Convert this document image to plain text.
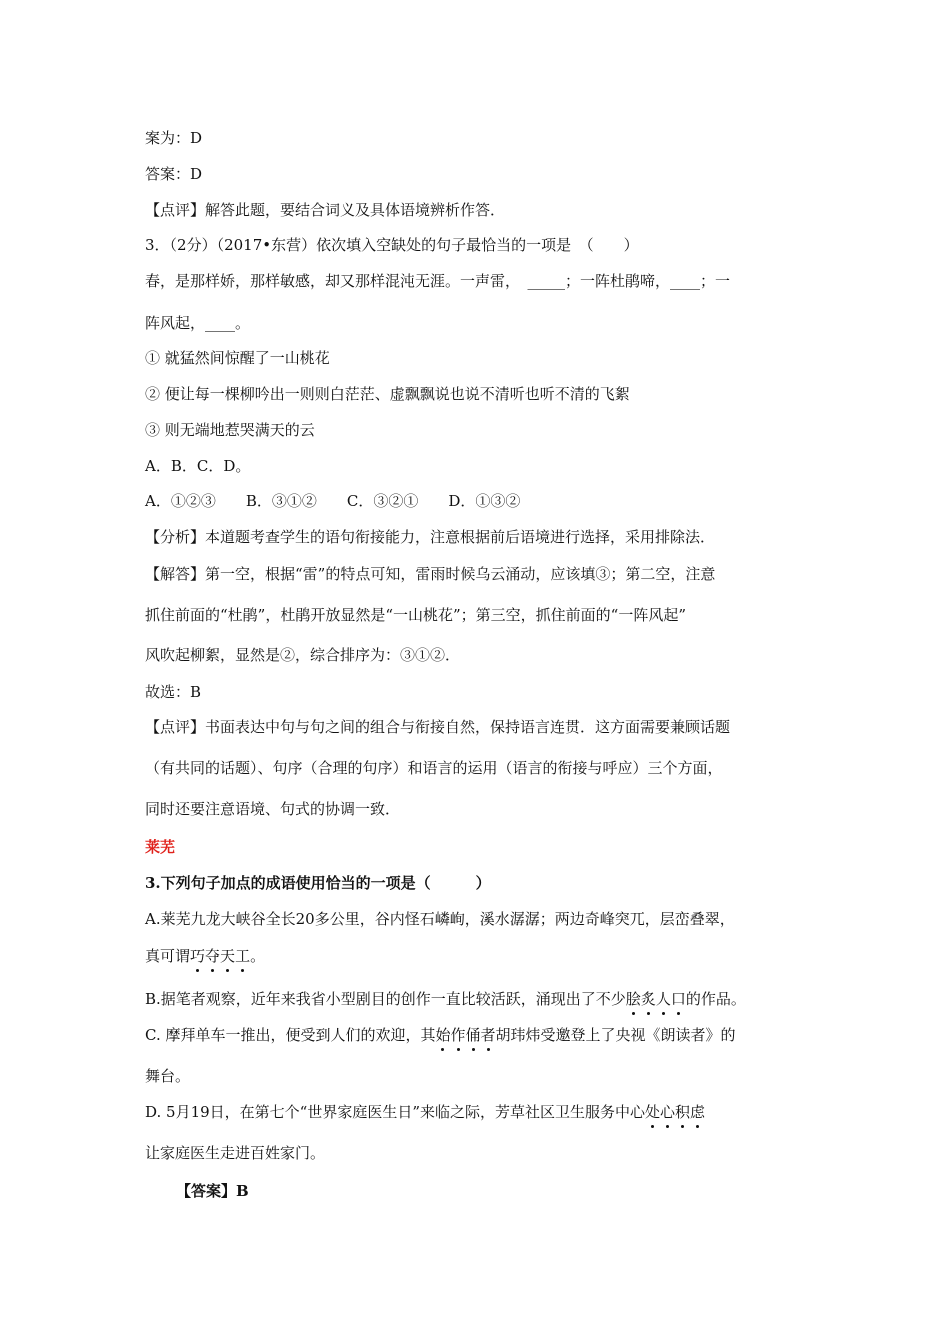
案为：D
答案：D
【点评】解答此题，要结合词义及具体语境辨析作答．
3．（2分）（2017•东营）依次填入空缺处的句子最恰当的一项是　（　　）
春，是那样娇，那样敏感，却又那样混沌无涯。一声雷，　_____；一阵杜鹃啼，____；一
阵风起，____。
① 就猛然间惊醒了一山桃花
② 便让每一棵柳吟出一则则白茫茫、虚飘飘说也说不清听也听不清的飞絮
③ 则无端地惹哭满天的云
A．B．C．D。
A．①②③　　B．③①②　　C．③②①　　D．①③②
【分析】本道题考查学生的语句衔接能力，注意根据前后语境进行选择，采用排除法．
【解答】第一空，根据“雷”的特点可知，雷雨时候乌云涌动，应该填③；第二空，注意
抓住前面的“杜鹃”，杜鹃开放显然是“一山桃花”；第三空，抓住前面的“一阵风起”
风吹起柳絮，显然是②，综合排序为：③①②．
故选：B
【点评】书面表达中句与句之间的组合与衔接自然，保持语言连贯．这方面需要兼顾话题
（有共同的话题）、句序（合理的句序）和语言的运用（语言的衔接与呼应）三个方面，
同时还要注意语境、句式的协调一致．
莱芜
3.下列句子加点的成语使用恰当的一项是（　　　）
A.莱芜九龙大峡谷全长20多公里，谷内怪石嶙峋，溪水潺潺；两边奇峰突兀，层峦叠翠，
真可谓巧夺天工。
B.据笔者观察，近年来我省小型剧目的创作一直比较活跃，涌现出了不少脍炙人口的作品。
C. 摩拜单车一推出，便受到人们的欢迎，其始作俑者胡玮炜受邀登上了央视《朗读者》的
舞台。
D. 5月19日，在第七个“世界家庭医生日”来临之际，芳草社区卫生服务中心处心积虑
让家庭医生走进百姓家门。
【答案】B
